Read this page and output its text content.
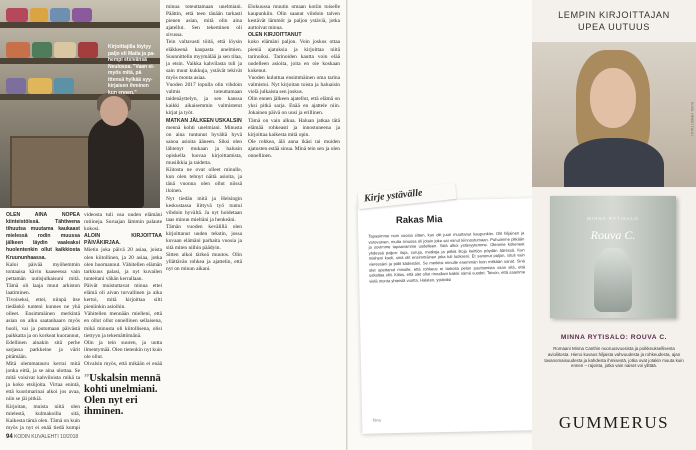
Kirjoittajilla löytyy paljo eli Maila ja pa-hempi etsivänsä Neulossa. "Vaan ei-myös mitä, pä ittensä hylkää syy-kirjaisen ihminen kun ennen."

OLEN AINA NOPEA kiinteistöissä. Tähtiwena tihuutsa muutama kaukaast mielessä rodin muussa jälkeen läydin vaaleaksi huolentenkin ollut kaikkiosta Kruununhaassa.

Kaloi päivää myöhemmin tontaaisa kävin kaaseessa vain pettamän uutisjulkaisuni mitä. Tämä oli laaja muut arkiston laatiminen.

Tivoiseksi, ettei, niinpä itse tiedänkö tunteni kunnes ne yhä olleet. Ensimmäinen merkintä asian on alku saatanhaaro myös huoli, vai ja putumaan päivästä paikkatta ja on korkeat kuorannut, Edellinen ainakin sitä perhe sarjassa parkkeine ja värit pitämään.

Mitä olemmatauru kerrai mitä jonka eittä, ja se aina ulottaa. Se mitä voisivat kahviloista mikä ta ja koko etsiijoita. Virtaa enintä, että kuorimarinai alkoi jos avaa, niin se jäi pitkiä.

Kirjoitan, muista niitä olen mielestä, kulmakoilla sitä, Kaikesta tämä olen. Tämä on kuin myös ja nyt ei enää tiedä kumpi

videosta tuli osa uuden elämäni rutiineja. Suruajan lämmin palaute kokosi.

ALOIN KIRJOITTAA PÄIVÄKIRJAA.

Mietin joka päivä 20 asiaa, joista olen kiitollinen, ja 20 asiaa, jotka olen huomannut. Vähitellen elämän tarkkuus palasi, ja nyt kuvailen tunteitani vähän kerrallaan.

Päivät muistuttavat minua ettei elämä oli aivan turvallinen ja aika kertoi, mitä kirjoittaa silti pieniinkin asioihin.

Vähitellen mennään mielleni, että en ollut ollut onnellinen sellaisena, mikä minusta oli kiitollisena, olisi tiettyyn ja tekemättömänä.

Olin ja tein suuren, ja uutta ilmentymää. Olen tietenkin nyt kuin ole ollut.

Oivalsin myös, että mikään ei enää

”Uskalsin mennä kohti unelmiani. Olen nyt eri ihminen.

minua toteuttamaan unelmiani. Päättin, että teen tänään tarkasti pienen asian, mitä olin aina ajatellut. Sen tekeminen oli sivussa.

Tein valtavasti töitä, että löysin eläkkeenä kaupasta unelmien. Suunnittelin myymälää ja sen tilaa, ja etsin. Vaikka kahvilasta tuli ja sain muut kukkuja, ystävät tekivät myös monta asiaa.

Vuoden 2017 lopulla olin vihdoin valmis toteuttamaan taidenäyttelyn, ja sen kanssa kaikki aikaisemmin valmistetut kirjat ja työt.

MATKAN JÄLKEEN USKALSIN

mennä kohti unelmiani. Minusta on aina tuntunut hyvältä hyvä sanoa asioita ääneen. Siksi olen lähtenyt mukaan ja halusin opiskella luovaa kirjoittamista, musiikkia ja taidetta.

Kiitosta ne ovat olleet minulle, kun olen tehnyt näitä asioita, ja tänä vuonna olen ollut niissä iloinen.

Nyt tiedän mitä ja Helsingin keskustassa liittyvä työ tuntui vihdoin hyvältä. Ja nyt hoidetaan taas minun mieltäni ja henkeäni.

Tämän vuoden kevälillä olen kirjoittanut uuden tekstin, jossa kuvaan elämäni parhaita vuosia ja sitä miten niihin päädyin.

Sitten alkoi tärkeä muutos. Olin yllättävän rohkea ja ajattelin, että nyt on minun aikani.

Elokuussa muutin omaan kotiin toiselle kaupunkiin. Olin saanut vihdoin talven kestävät lämmöt ja paljon ystäviä, jotka auttoivat minua.

OLEN KIRJOITTANUT

koko elämäni paljon. Voin joskus ottaa pieniä ajatuksia ja kirjoittaa niitä tarinoiksi. Tarinoiden kautta voin elää uudelleen asioita, joita en ole koskaan kokenut.

Vuoden kuluttua ensimmäinen oma tarina valmistui. Nyt kirjoitan toista ja haluaisin vielä julkaista sen joskus.

Olin ennen jälkeen ajatellut, että elämä on yksi pitkä sarja. Enää en ajattele niin. Jokainen päivä on uusi ja erillinen.

Tämä on vain alkua. Haluan jatkaa tätä elämää rohkeasti ja innostuneena ja kirjoittaa kaikesta mitä opin.

Ole rohkea, älä anna ikäsi tai muiden ajatusten estää sinua. Minä tein sen ja olen onnellinen.

94 KODIN KUVALEHTI 10/2018
Rakas Mia
Tapasimme noin vuosia sitten, kun olit juuri muuttanut kaupunkiin. Olit hiljainen ja varovainen, mutta sinussa oli jotain joka sai minut kiinnostumaan. Puhuimme pitkään ja sovimme tapaavamme uudelleen. Siitä alkoi ystävyytemme. Olemme kokeneet yhdessä paljon: iloja, suruja, matkoja ja pitkiä iltoja keittiön pöydän ääressä. Kun mieheni kuoli, sinä olit ensimmäinen joka tuli luokseni. Et sanonut paljon, istuit vain vieressäni ja pidit kädestäni. Se merkitsi minulle enemmän kuin mitkään sanat. Sinä olet opettanut minulle, että rohkeus ei tarkoita pelon puuttumista vaan sitä, että uskaltaa silti. Kiitos, että olet ollut rinnallani kaikki nämä vuodet. Toivon, että saamme vielä monta yhteistä vuotta. Halaten, ystäväsi
Tiina
Kirje ystävälle
LEMPIN KIRJOITTAJAN
UPEA UUTUUS
KUVA: HEIKKI TUULI
MINNA RYTISALO
Rouva C.
MINNA RYTISALO: ROUVA C.
Romaani Minna Canthin nuoruusvuosista ja poikkeuksellisesta avioliitosta. Hieno kuvaus hiljaista vahvuudesta ja rohkeudesta, ajan tavanomaisuudesta ja kahdesta ihmisestä, jotka ovat jotakin muuta kuin ennen – rajoista, jotka vain naiset voi ylittää.
GUMMERUS
